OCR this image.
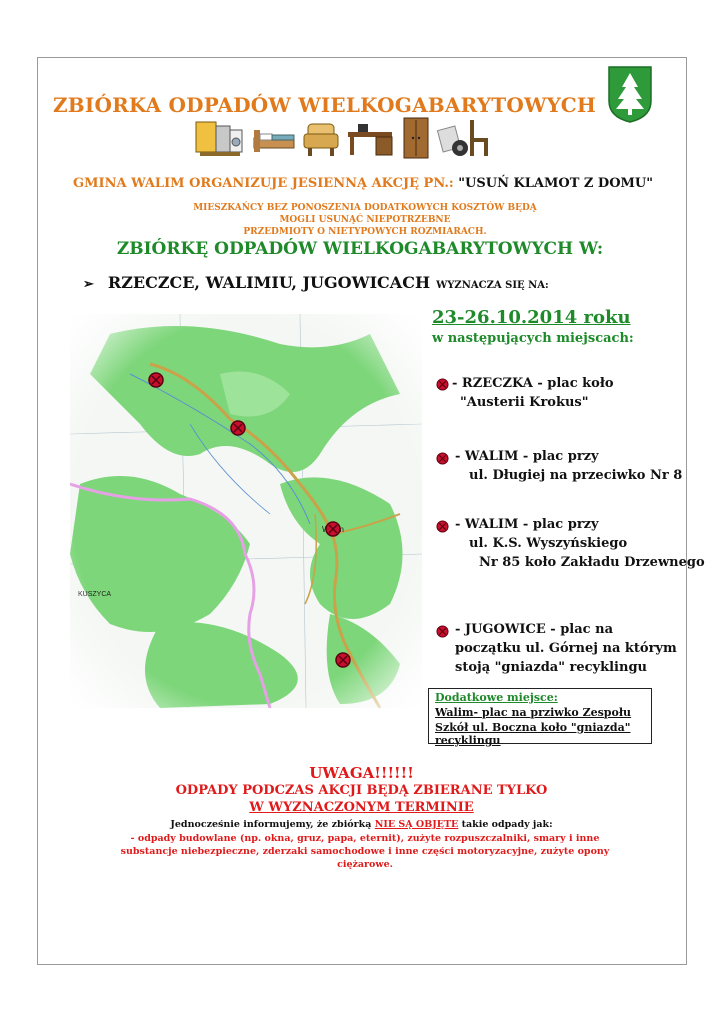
ZBIÓRKA ODPADÓW WIELKOGABARYTOWYCH
GMINA WALIM ORGANIZUJE JESIENNĄ AKCJĘ PN.: "USUŃ KLAMOT Z DOMU"
MIESZKAŃCY BEZ PONOSZENIA DODATKOWYCH KOSZTÓW BĘDĄ MOGLI USUNĄĆ NIEPOTRZEBNE
PRZEDMIOTY O NIETYPOWYCH ROZMIARACH.
ZBIÓRKĘ ODPADÓW WIELKOGABARYTOWYCH W:
➢ RZECZCE, WALIMIU, JUGOWICACH WYZNACZA SIĘ NA:
23-26.10.2014 roku
w następujących miejscach:
- RZECZKA - plac koło
"Austerii Krokus"
- WALIM - plac przy
ul. Długiej na przeciwko Nr 8
- WALIM - plac przy
ul. K.S. Wyszyńskiego
Nr 85 koło Zakładu Drzewnego
- JUGOWICE - plac na
początku ul. Górnej na którym
stoją "gniazda" recyklingu
Dodatkowe miejsce:
Walim- plac na prziwko Zespołu
Szkół ul. Boczna koło "gniazda"
recyklingu
UWAGA!!!!!!
ODPADY PODCZAS AKCJI BĘDĄ ZBIERANE TYLKO
W WYZNACZONYM TERMINIE
Jednocześnie informujemy, że zbiórką NIE SĄ OBJĘTE takie odpady jak:
- odpady budowlane (np. okna, gruz, papa, eternit), zużyte rozpuszczalniki, smary i inne
substancje niebezpieczne, zderzaki samochodowe i inne części motoryzacyjne, zużyte opony
ciężarowe.
